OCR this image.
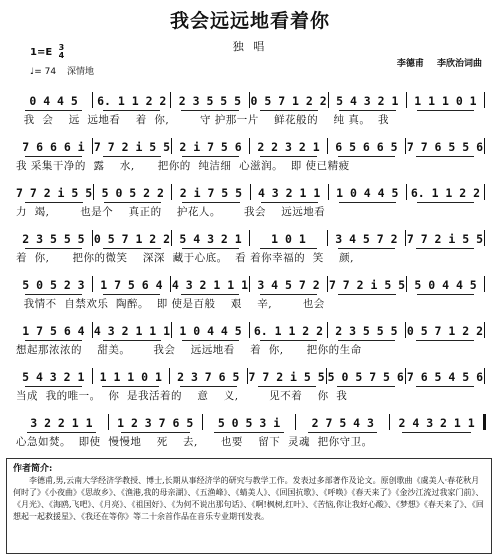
我会远远地看着你
独 唱
1=E 3
4
♩= 74 深情地
李德甫 李欣治词曲
0 4 4 5	6. 1 1 2 2	2 3 5 5 5 0 5 7 1 2 2 5 4 3 2 1	1 1 1 0 1
我  会    远  远地看    着  你,        守 护那一片    鲜花般的    纯 真。  我
7 6 6 6 i 7 7 2 i 5 5 2 i 7 5 6	2 2 3 2 1	6 5 6 6 5 7 7 6 5 5 6
我 采集干净的  露    水,      把你的  纯洁细  心滋润。  即 使已精疲
7 7 2 i 5 5 5 0 5 2 2	2 i 7 5 5	4 3 2 1 1	1 0 4 4 5	6. 1 1 2 2
力  竭,        也是个    真正的    护花人。      我会    远远地看
2 3 5 5 5 0 5 7 1 2 2 5 4 3 2 1	1 0 1	3 4 5 7 2 7 7 2 i 5 5
着  你,      把你的微笑    深深  藏于心底。  看 着你幸福的  笑    颜,
5 0 5 2 3	1 7 5 6 4 4 3 2 1 1 1 3 4 5 7 2 7 7 2 i 5 5 5 0 4 4 5
我情不  自禁欢乐  陶醉。  即 使是百般    艰    辛,        也会
1 7 5 6 4 4 3 2 1 1 1 1 0 4 4 5	6. 1 1 2 2	2 3 5 5 5 0 5 7 1 2 2
想起那浓浓的    甜美。      我会    远远地看    着  你,      把你的生命
5 4 3 2 1	1 1 1 0 1	2 3 7 6 5 7 7 2 i 5 5 5 0 5 7 5 6 7 6 5 4 5 6
当成  我的唯一。  你  是我活着的    意    义,        见不着    你  我
3 2 2 1 1	1 2 3 7 6 5	5 0 5 3 i	2 7 5 4 3	2 4 3 2 1 1
心急如焚。  即使  慢慢地    死    去,      也要    留下  灵魂  把你守卫。
作者简介:
李德甫,男,云南大学经济学教授、博士,长期从事经济学的研究与教学工作。发表过多部著作及论文。原创歌曲《虞美人·春花秋月何时了》《小夜曲》《思故乡》、《渔港,我的母亲湖》、《五渔峰》、《蜻美人》、《回国抗歌》、《呼唤》《春天来了》《金沙江流过我家门前》、《月光》、《海鸥,飞吧》、《月亮》、《祖国好》、《为何不说出那句话》、《啊!枫树,红叶》、《苦恼,你让我好心酸》、《梦想》《春天来了》、《回想起一起救援星》、《我还在等你》等二十余首作品在音乐专业期刊发表。
